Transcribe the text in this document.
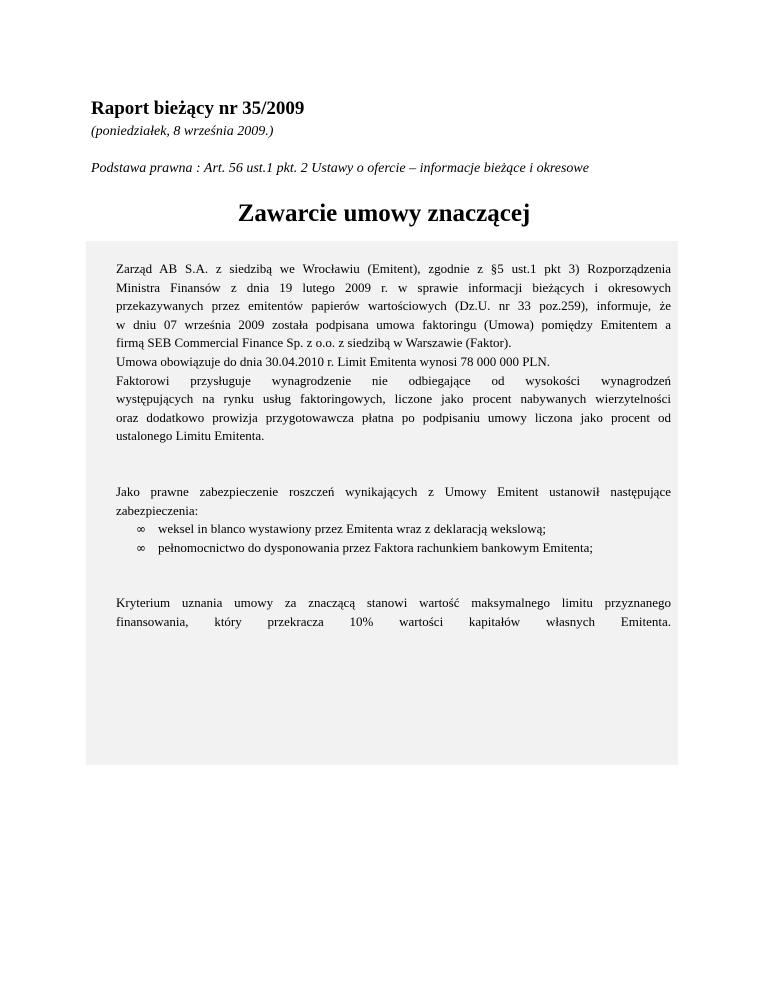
Raport bieżący nr 35/2009
(poniedziałek, 8 września 2009.)
Podstawa prawna : Art. 56 ust.1 pkt. 2 Ustawy o ofercie – informacje bieżące i okresowe
Zawarcie umowy znaczącej

Zarząd AB S.A. z siedzibą we Wrocławiu (Emitent), zgodnie z §5 ust.1 pkt 3) Rozporządzenia
Ministra Finansów z dnia 19 lutego 2009 r. w sprawie informacji bieżących i okresowych
przekazywanych przez emitentów papierów wartościowych (Dz.U. nr 33 poz.259), informuje, że
w dniu 07 września 2009 została podpisana umowa faktoringu (Umowa) pomiędzy Emitentem a
firmą SEB Commercial Finance Sp. z o.o. z siedzibą w Warszawie (Faktor).

Umowa obowiązuje do dnia 30.04.2010 r. Limit Emitenta wynosi 78 000 000 PLN.

Faktorowi przysługuje wynagrodzenie nie odbiegające od wysokości wynagrodzeń
występujących na rynku usług faktoringowych, liczone jako procent nabywanych wierzytelności
oraz dodatkowo prowizja przygotowawcza płatna po podpisaniu umowy liczona jako procent od
ustalonego Limitu Emitenta.

Jako prawne zabezpieczenie roszczeń wynikających z Umowy Emitent ustanowił następujące
zabezpieczenia:

∞ weksel in blanco wystawiony przez Emitenta wraz z deklaracją wekslową;
∞ pełnomocnictwo do dysponowania przez Faktora rachunkiem bankowym Emitenta;

Kryterium uznania umowy za znaczącą stanowi wartość maksymalnego limitu przyznanego
finansowania, który przekracza 10% wartości kapitałów własnych Emitenta.
